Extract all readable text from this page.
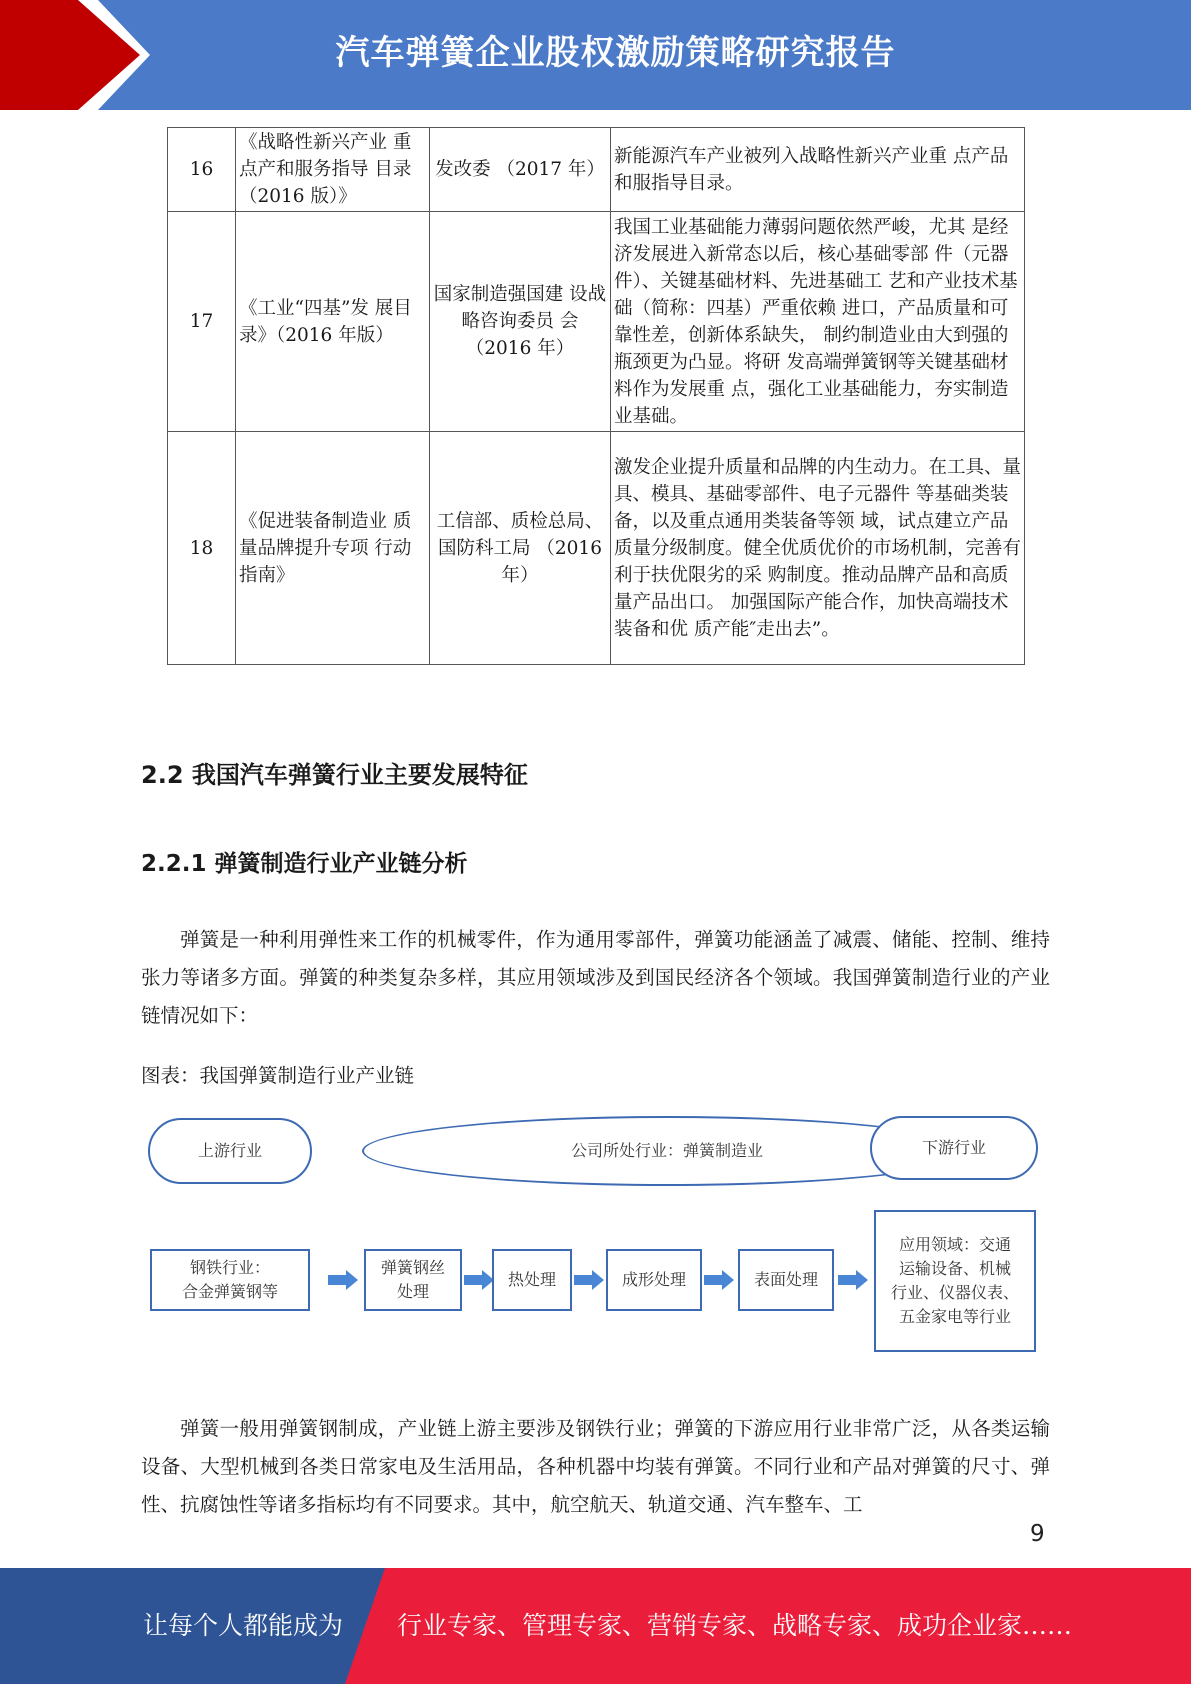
汽车弹簧企业股权激励策略研究报告
16	《战略性新兴产业 重点产和服务指导 目录（2016 版）》	发改委 （2017 年）	新能源汽车产业被列入战略性新兴产业重 点产品和服指导目录。
17	《工业“四基”发 展目录》（2016 年版）	国家制造强国建 设战略咨询委员 会（2016 年）	我国工业基础能力薄弱问题依然严峻，尤其 是经济发展进入新常态以后，核心基础零部 件（元器件）、关键基础材料、先进基础工 艺和产业技术基础（简称：四基）严重依赖 进口，产品质量和可靠性差，创新体系缺失， 制约制造业由大到强的瓶颈更为凸显。将研 发高端弹簧钢等关键基础材料作为发展重 点，强化工业基础能力，夯实制造业基础。
18	《促进装备制造业 质量品牌提升专项 行动指南》	工信部、质检总局、国防科工局 （2016 年）	激发企业提升质量和品牌的内生动力。在工具、量具、模具、基础零部件、电子元器件 等基础类装备，以及重点通用类装备等领 域，试点建立产品质量分级制度。健全优质优价的市场机制，完善有利于扶优限劣的采 购制度。推动品牌产品和高质量产品出口。 加强国际产能合作，加快高端技术装备和优 质产能″走出去”。
2.2 我国汽车弹簧行业主要发展特征
2.2.1 弹簧制造行业产业链分析

弹簧是一种利用弹性来工作的机械零件，作为通用零部件，弹簧功能涵盖了减震、储能、控制、维持张力等诸多方面。弹簧的种类复杂多样，其应用领域涉及到国民经济各个领域。我国弹簧制造行业的产业链情况如下：

图表：我国弹簧制造行业产业链
上游行业	公司所处行业：弹簧制造业	下游行业
钢铁行业：
合金弹簧钢等
弹簧钢丝
处理
热处理	成形处理	表面处理
应用领域：交通
运输设备、机械
行业、仪器仪表、
五金家电等行业

弹簧一般用弹簧钢制成，产业链上游主要涉及钢铁行业；弹簧的下游应用行业非常广泛，从各类运输设备、大型机械到各类日常家电及生活用品，各种机器中均装有弹簧。不同行业和产品对弹簧的尺寸、弹性、抗腐蚀性等诸多指标均有不同要求。其中，航空航天、轨道交通、汽车整车、工

9
让每个人都能成为 行业专家、管理专家、营销专家、战略专家、成功企业家……
